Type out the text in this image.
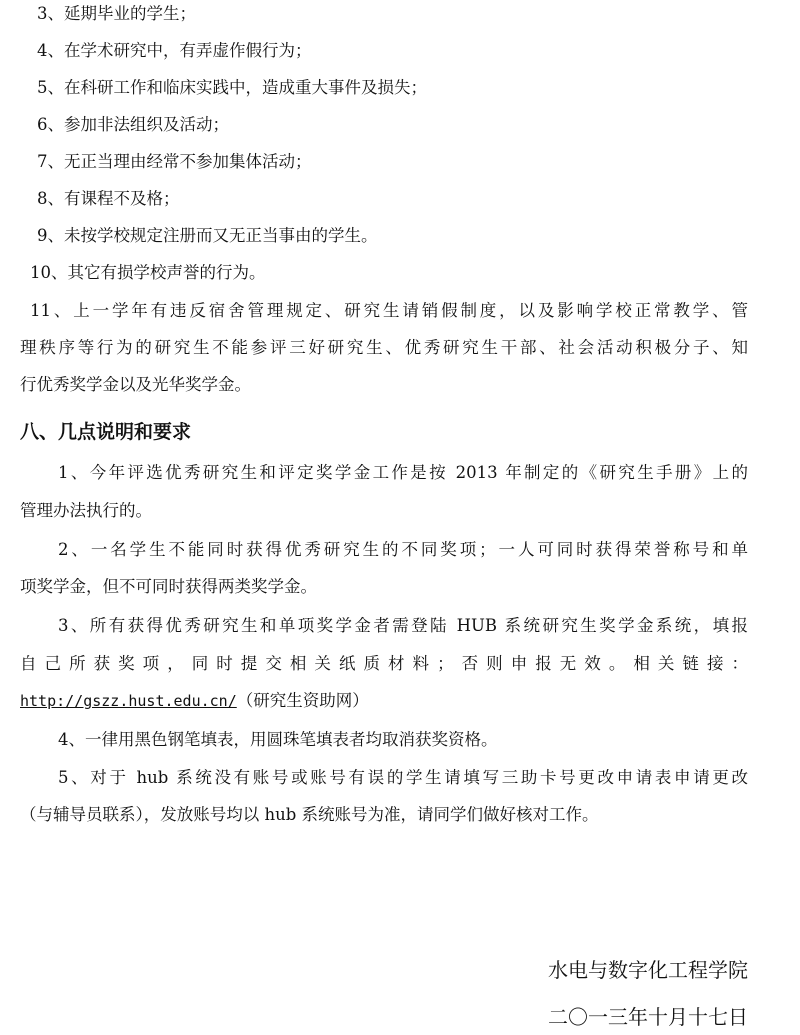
3、延期毕业的学生；
4、在学术研究中，有弄虚作假行为；
5、在科研工作和临床实践中，造成重大事件及损失；
6、参加非法组织及活动；
7、无正当理由经常不参加集体活动；
8、有课程不及格；
9、未按学校规定注册而又无正当事由的学生。
10、其它有损学校声誉的行为。
11、上一学年有违反宿舍管理规定、研究生请销假制度，以及影响学校正常教学、管
理秩序等行为的研究生不能参评三好研究生、优秀研究生干部、社会活动积极分子、知
行优秀奖学金以及光华奖学金。
八、几点说明和要求
1、今年评选优秀研究生和评定奖学金工作是按 2013 年制定的《研究生手册》上的
管理办法执行的。
2、一名学生不能同时获得优秀研究生的不同奖项；一人可同时获得荣誉称号和单
项奖学金，但不可同时获得两类奖学金。
3、所有获得优秀研究生和单项奖学金者需登陆 HUB 系统研究生奖学金系统，填报
自己所获奖项，同时提交相关纸质材料；否则申报无效。相关链接：
http://gszz.hust.edu.cn/（研究生资助网）
4、一律用黑色钢笔填表，用圆珠笔填表者均取消获奖资格。
5、对于 hub 系统没有账号或账号有误的学生请填写三助卡号更改申请表申请更改
（与辅导员联系），发放账号均以 hub 系统账号为准，请同学们做好核对工作。
水电与数字化工程学院
二〇一三年十月十七日
